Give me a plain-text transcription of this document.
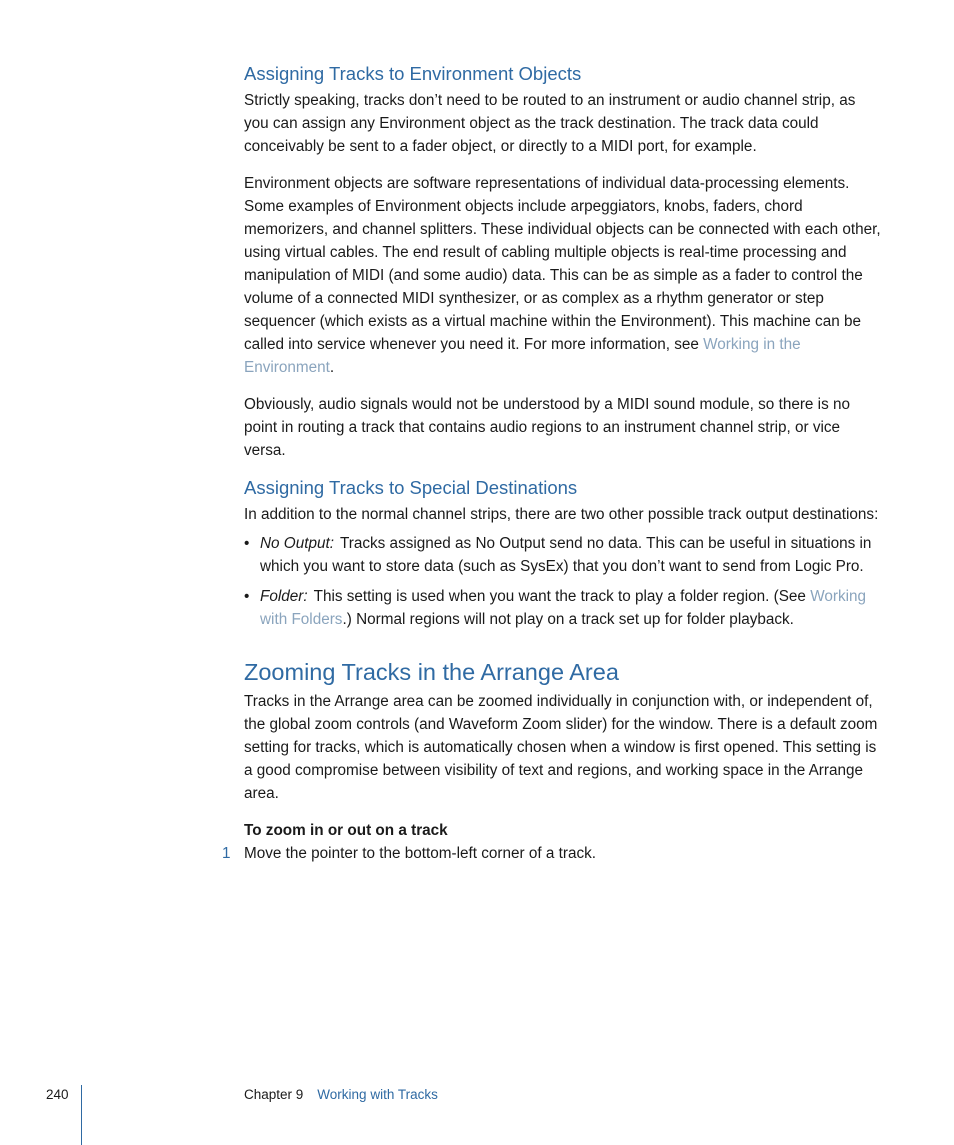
Assigning Tracks to Environment Objects

Strictly speaking, tracks don’t need to be routed to an instrument or audio channel strip, as you can assign any Environment object as the track destination. The track data could conceivably be sent to a fader object, or directly to a MIDI port, for example.

Environment objects are software representations of individual data-processing elements. Some examples of Environment objects include arpeggiators, knobs, faders, chord memorizers, and channel splitters. These individual objects can be connected with each other, using virtual cables. The end result of cabling multiple objects is real-time processing and manipulation of MIDI (and some audio) data. This can be as simple as a fader to control the volume of a connected MIDI synthesizer, or as complex as a rhythm generator or step sequencer (which exists as a virtual machine within the Environment). This machine can be called into service whenever you need it. For more information, see Working in the Environment.

Obviously, audio signals would not be understood by a MIDI sound module, so there is no point in routing a track that contains audio regions to an instrument channel strip, or vice versa.

Assigning Tracks to Special Destinations

In addition to the normal channel strips, there are two other possible track output destinations:

• No Output: Tracks assigned as No Output send no data. This can be useful in situations in which you want to store data (such as SysEx) that you don’t want to send from Logic Pro.
• Folder: This setting is used when you want the track to play a folder region. (See Working with Folders.) Normal regions will not play on a track set up for folder playback.
Zooming Tracks in the Arrange Area

Tracks in the Arrange area can be zoomed individually in conjunction with, or independent of, the global zoom controls (and Waveform Zoom slider) for the window. There is a default zoom setting for tracks, which is automatically chosen when a window is first opened. This setting is a good compromise between visibility of text and regions, and working space in the Arrange area.

To zoom in or out on a track

1 Move the pointer to the bottom-left corner of a track.

240	Chapter 9 Working with Tracks
